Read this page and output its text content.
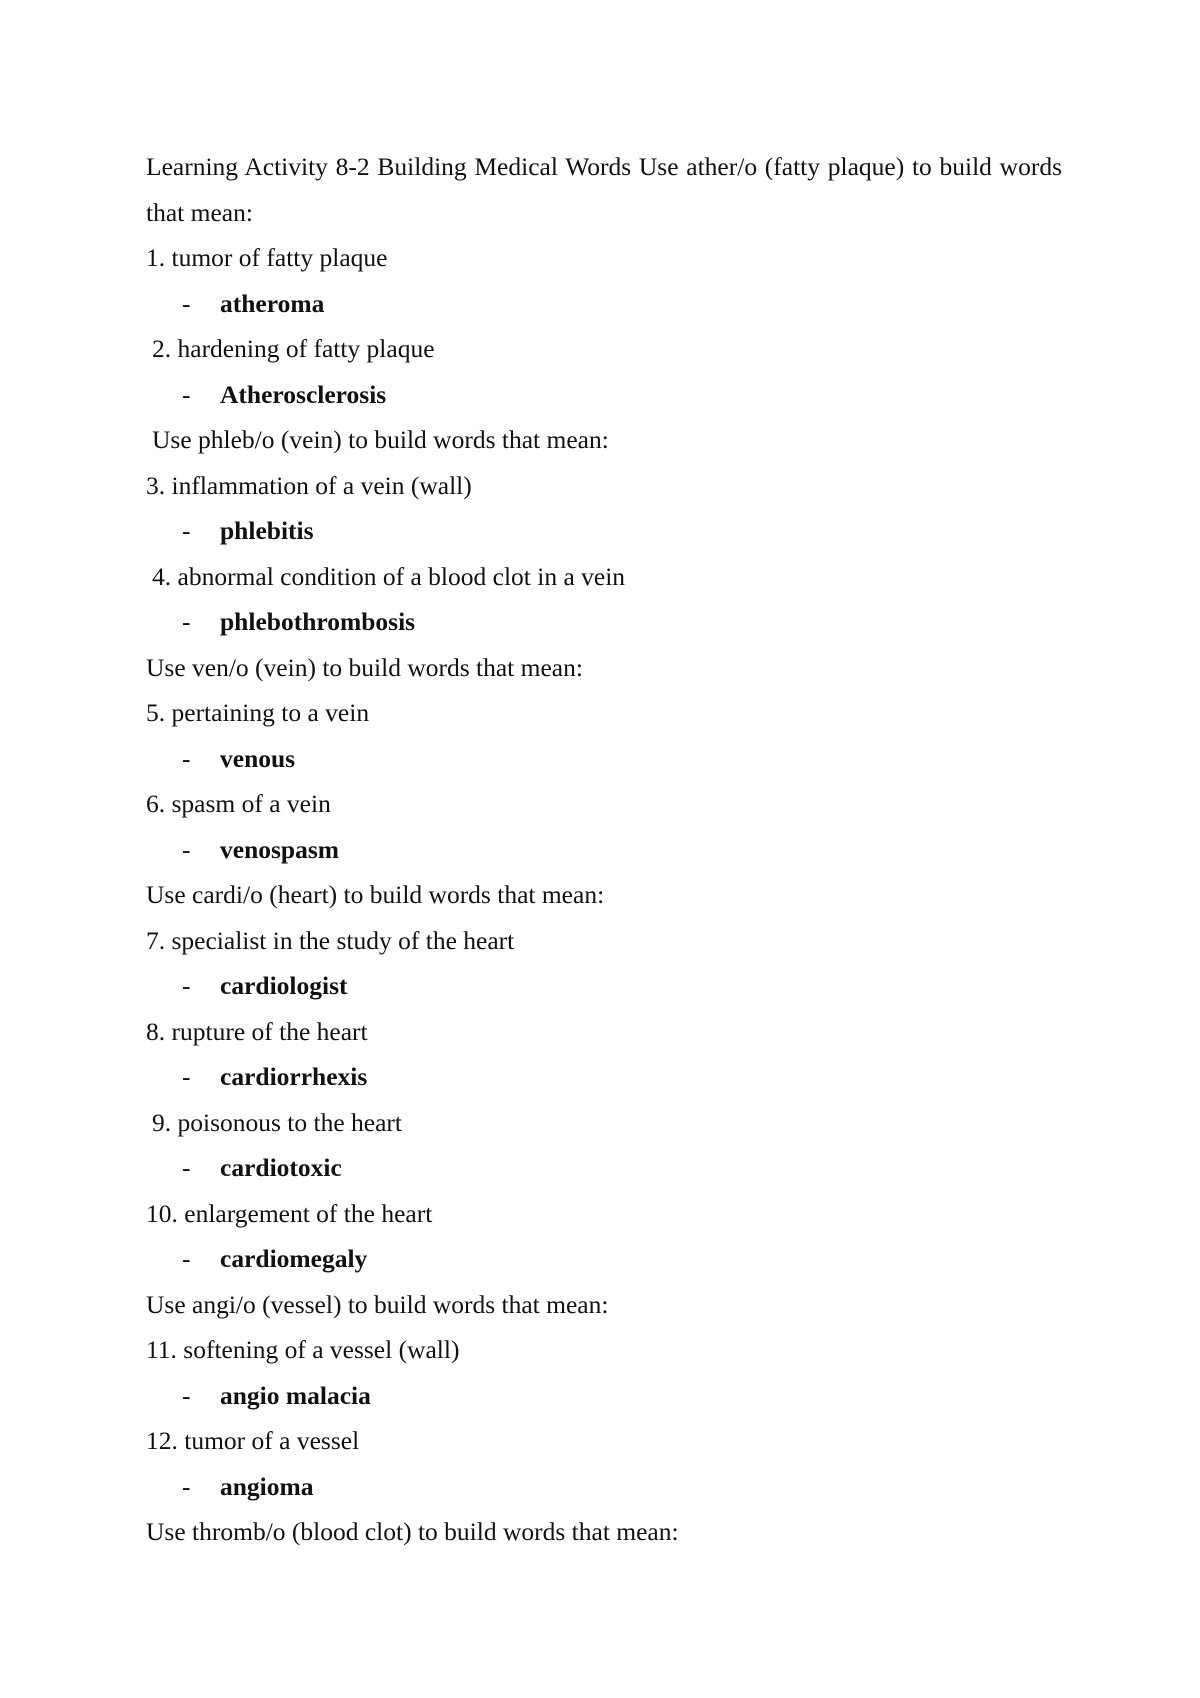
Learning Activity 8-2 Building Medical Words Use ather/o (fatty plaque) to build words that mean:
1. tumor of fatty plaque
- atheroma
2. hardening of fatty plaque
- Atherosclerosis
Use phleb/o (vein) to build words that mean:
3. inflammation of a vein (wall)
- phlebitis
4. abnormal condition of a blood clot in a vein
- phlebothrombosis
Use ven/o (vein) to build words that mean:
5. pertaining to a vein
- venous
6. spasm of a vein
- venospasm
Use cardi/o (heart) to build words that mean:
7. specialist in the study of the heart
- cardiologist
8. rupture of the heart
- cardiorrhexis
9. poisonous to the heart
- cardiotoxic
10. enlargement of the heart
- cardiomegaly
Use angi/o (vessel) to build words that mean:
11. softening of a vessel (wall)
- angio malacia
12. tumor of a vessel
- angioma
Use thromb/o (blood clot) to build words that mean:
